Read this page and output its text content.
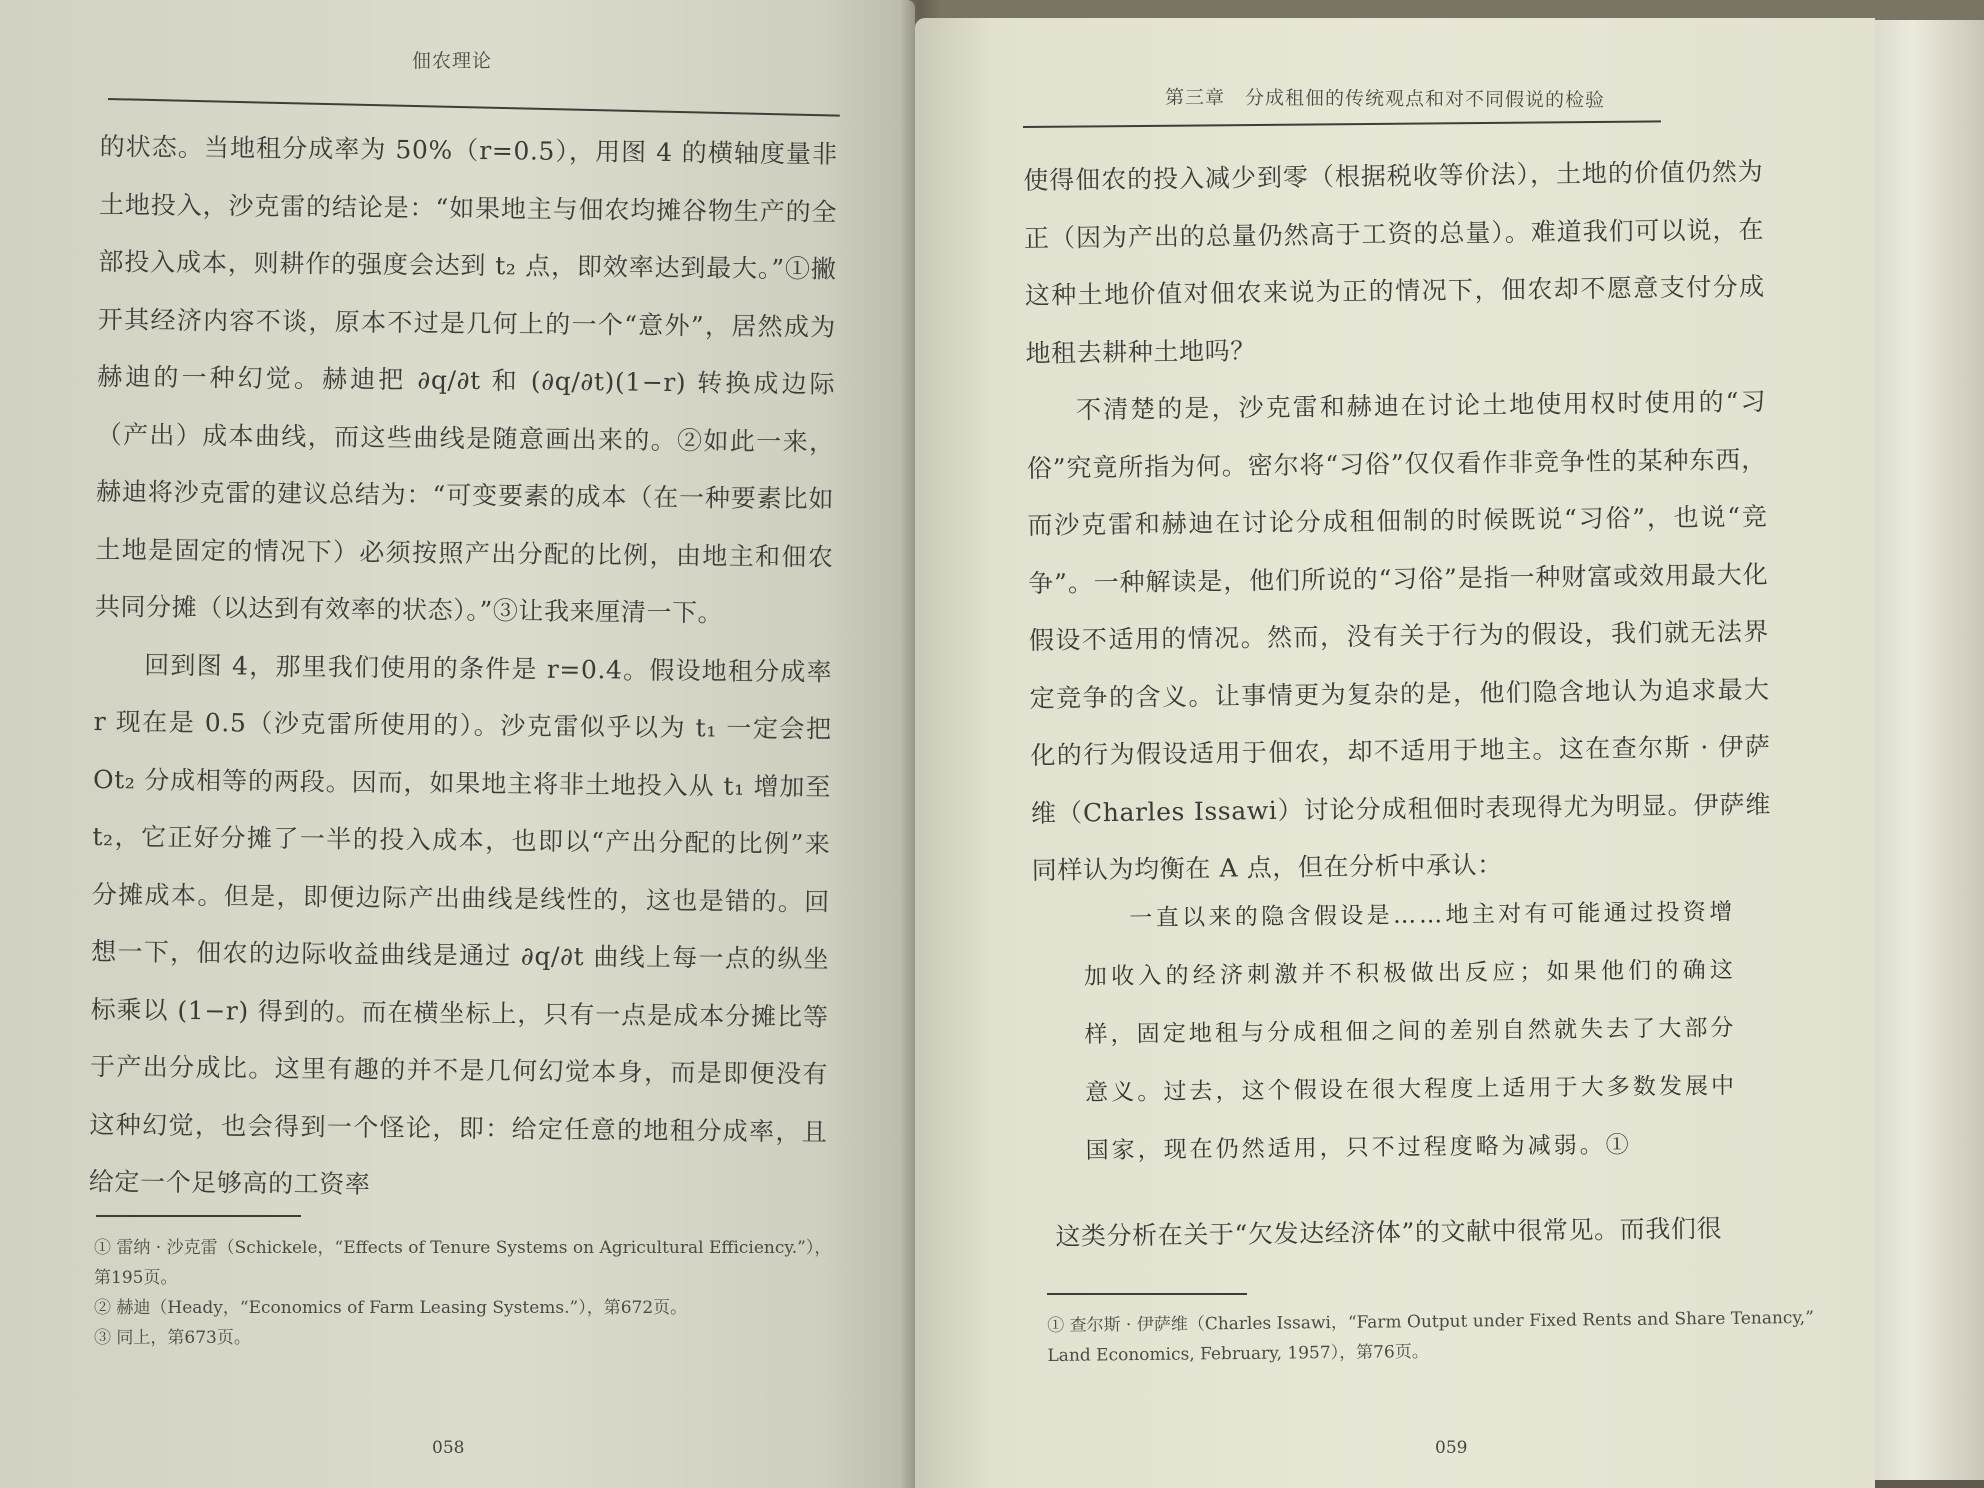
佃农理论

的状态。当地租分成率为 50%（r=0.5），用图 4 的横轴度量非土地投入，沙克雷的结论是：“如果地主与佃农均摊谷物生产的全部投入成本，则耕作的强度会达到 t₂ 点，即效率达到最大。”①撇开其经济内容不谈，原本不过是几何上的一个“意外”，居然成为赫迪的一种幻觉。赫迪把 ∂q/∂t 和 (∂q/∂t)(1−r) 转换成边际（产出）成本曲线，而这些曲线是随意画出来的。②如此一来，赫迪将沙克雷的建议总结为：“可变要素的成本（在一种要素比如土地是固定的情况下）必须按照产出分配的比例，由地主和佃农共同分摊（以达到有效率的状态）。”③让我来厘清一下。

回到图 4，那里我们使用的条件是 r=0.4。假设地租分成率 r 现在是 0.5（沙克雷所使用的）。沙克雷似乎以为 t₁ 一定会把 Ot₂ 分成相等的两段。因而，如果地主将非土地投入从 t₁ 增加至 t₂，它正好分摊了一半的投入成本，也即以“产出分配的比例”来分摊成本。但是，即便边际产出曲线是线性的，这也是错的。回想一下，佃农的边际收益曲线是通过 ∂q/∂t 曲线上每一点的纵坐标乘以 (1−r) 得到的。而在横坐标上，只有一点是成本分摊比等于产出分成比。这里有趣的并不是几何幻觉本身，而是即便没有这种幻觉，也会得到一个怪论，即：给定任意的地租分成率，且给定一个足够高的工资率

① 雷纳 · 沙克雷（Schickele，“Effects of Tenure Systems on Agricultural Efficiency.”），第195页。

② 赫迪（Heady，“Economics of Farm Leasing Systems.”），第672页。

③ 同上，第673页。

058
第三章　分成租佃的传统观点和对不同假说的检验

使得佃农的投入减少到零（根据税收等价法），土地的价值仍然为正（因为产出的总量仍然高于工资的总量）。难道我们可以说，在这种土地价值对佃农来说为正的情况下，佃农却不愿意支付分成地租去耕种土地吗？

不清楚的是，沙克雷和赫迪在讨论土地使用权时使用的“习俗”究竟所指为何。密尔将“习俗”仅仅看作非竞争性的某种东西，而沙克雷和赫迪在讨论分成租佃制的时候既说“习俗”，也说“竞争”。一种解读是，他们所说的“习俗”是指一种财富或效用最大化假设不适用的情况。然而，没有关于行为的假设，我们就无法界定竞争的含义。让事情更为复杂的是，他们隐含地认为追求最大化的行为假设适用于佃农，却不适用于地主。这在查尔斯 · 伊萨维（Charles Issawi）讨论分成租佃时表现得尤为明显。伊萨维同样认为均衡在 A 点，但在分析中承认：

一直以来的隐含假设是……地主对有可能通过投资增加收入的经济刺激并不积极做出反应；如果他们的确这样，固定地租与分成租佃之间的差别自然就失去了大部分意义。过去，这个假设在很大程度上适用于大多数发展中国家，现在仍然适用，只不过程度略为减弱。①

这类分析在关于“欠发达经济体”的文献中很常见。而我们很

① 查尔斯 · 伊萨维（Charles Issawi，“Farm Output under Fixed Rents and Share Tenancy,” Land Economics, February, 1957），第76页。

059
